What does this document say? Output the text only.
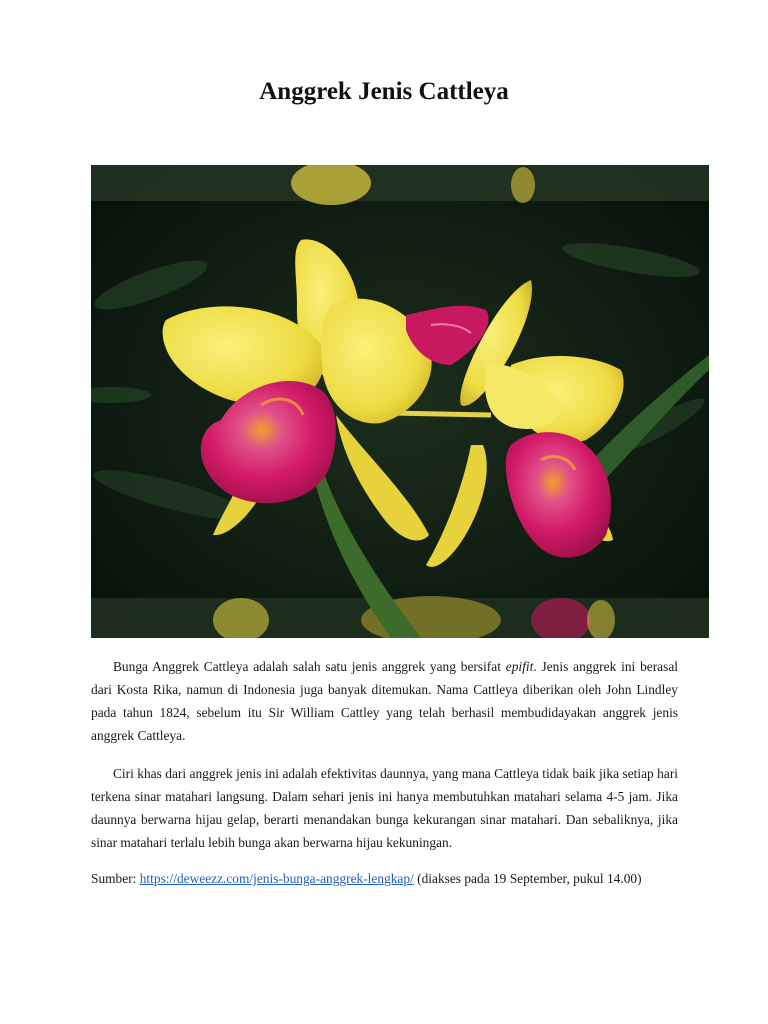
Anggrek Jenis Cattleya

Bunga Anggrek Cattleya adalah salah satu jenis anggrek yang bersifat epifit. Jenis anggrek ini berasal dari Kosta Rika, namun di Indonesia juga banyak ditemukan. Nama Cattleya diberikan oleh John Lindley pada tahun 1824, sebelum itu Sir William Cattley yang telah berhasil membudidayakan anggrek jenis anggrek Cattleya.

Ciri khas dari anggrek jenis ini adalah efektivitas daunnya, yang mana Cattleya tidak baik jika setiap hari terkena sinar matahari langsung. Dalam sehari jenis ini hanya membutuhkan matahari selama 4-5 jam. Jika daunnya berwarna hijau gelap, berarti menandakan bunga kekurangan sinar matahari. Dan sebaliknya, jika sinar matahari terlalu lebih bunga akan berwarna hijau kekuningan.

Sumber: https://deweezz.com/jenis-bunga-anggrek-lengkap/ (diakses pada 19 September, pukul 14.00)
